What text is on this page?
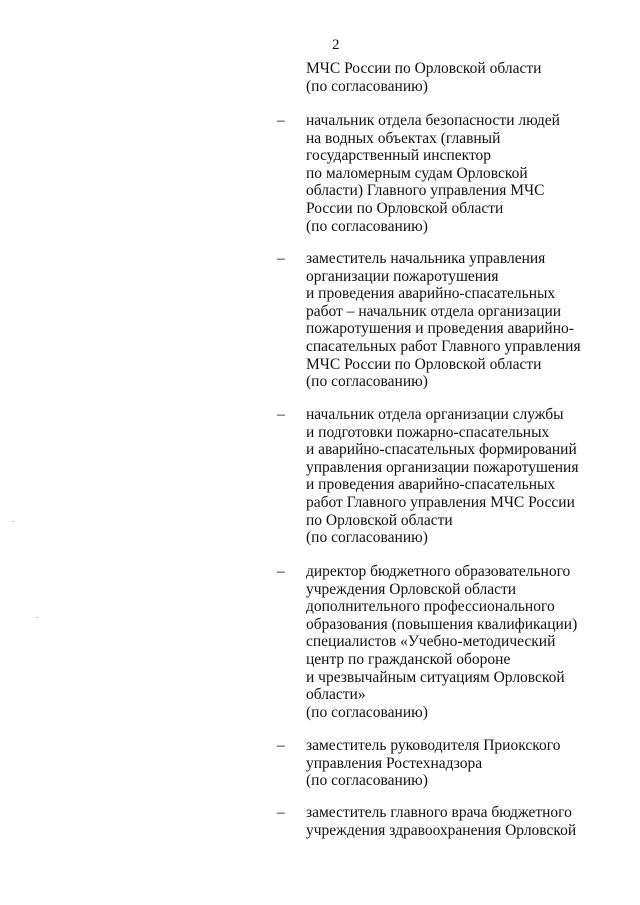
2
МЧС России по Орловской области
(по согласованию)
– начальник отдела безопасности людей
на водных объектах (главный
государственный инспектор
по маломерным судам Орловской
области) Главного управления МЧС
России по Орловской области
(по согласованию)
– заместитель начальника управления
организации пожаротушения
и проведения аварийно-спасательных
работ – начальник отдела организации
пожаротушения и проведения аварийно-
спасательных работ Главного управления
МЧС России по Орловской области
(по согласованию)
– начальник отдела организации службы
и подготовки пожарно-спасательных
и аварийно-спасательных формирований
управления организации пожаротушения
и проведения аварийно-спасательных
работ Главного управления МЧС России
по Орловской области
(по согласованию)
– директор бюджетного образовательного
учреждения Орловской области
дополнительного профессионального
образования (повышения квалификации)
специалистов «Учебно-методический
центр по гражданской обороне
и чрезвычайным ситуациям Орловской
области»
(по согласованию)
– заместитель руководителя Приокского
управления Ростехнадзора
(по согласованию)
– заместитель главного врача бюджетного
учреждения здравоохранения Орловской
